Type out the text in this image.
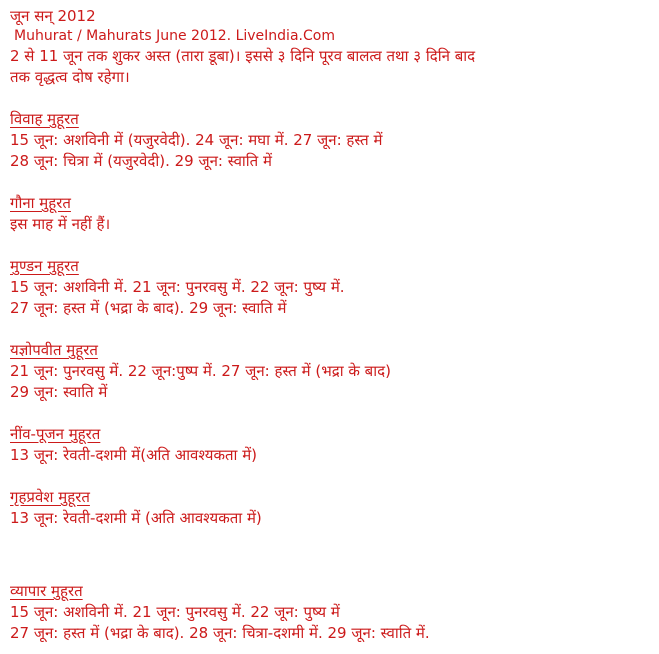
जून सन् 2012
Muhurat / Mahurats June 2012. LiveIndia.Com
2 से 11 जून तक शुकर अस्त (तारा डूबा)। इससे ३ दिनि पूरव बालत्व तथा ३ दिनि बाद
तक वृद्धत्व दोष रहेगा।
विवाह मुहूरत
15 जून: अशविनी में (यजुरवेदी). 24 जून: मघा में. 27 जून: हस्त में
28 जून: चित्रा में (यजुरवेदी). 29 जून: स्वाति में
गौना मुहूरत
इस माह में नहीं हैं।
मुण्डन मुहूरत
15 जून: अशविनी में. 21 जून: पुनरवसु में. 22 जून: पुष्य में.
27 जून: हस्त में (भद्रा के बाद). 29 जून: स्वाति में
यज्ञोपवीत मुहूरत
21 जून: पुनरवसु में. 22 जून:पुष्प में. 27 जून: हस्त में (भद्रा के बाद)
29 जून: स्वाति में
नींव-पूजन मुहूरत
13 जून: रेवती-दशमी में(अति आवश्यकता में)
गृहप्रवेश मुहूरत
13 जून: रेवती-दशमी में (अति आवश्यकता में)
व्यापार मुहूरत
15 जून: अशविनी में. 21 जून: पुनरवसु में. 22 जून: पुष्य में
27 जून: हस्त में (भद्रा के बाद). 28 जून: चित्रा-दशमी में. 29 जून: स्वाति में.
